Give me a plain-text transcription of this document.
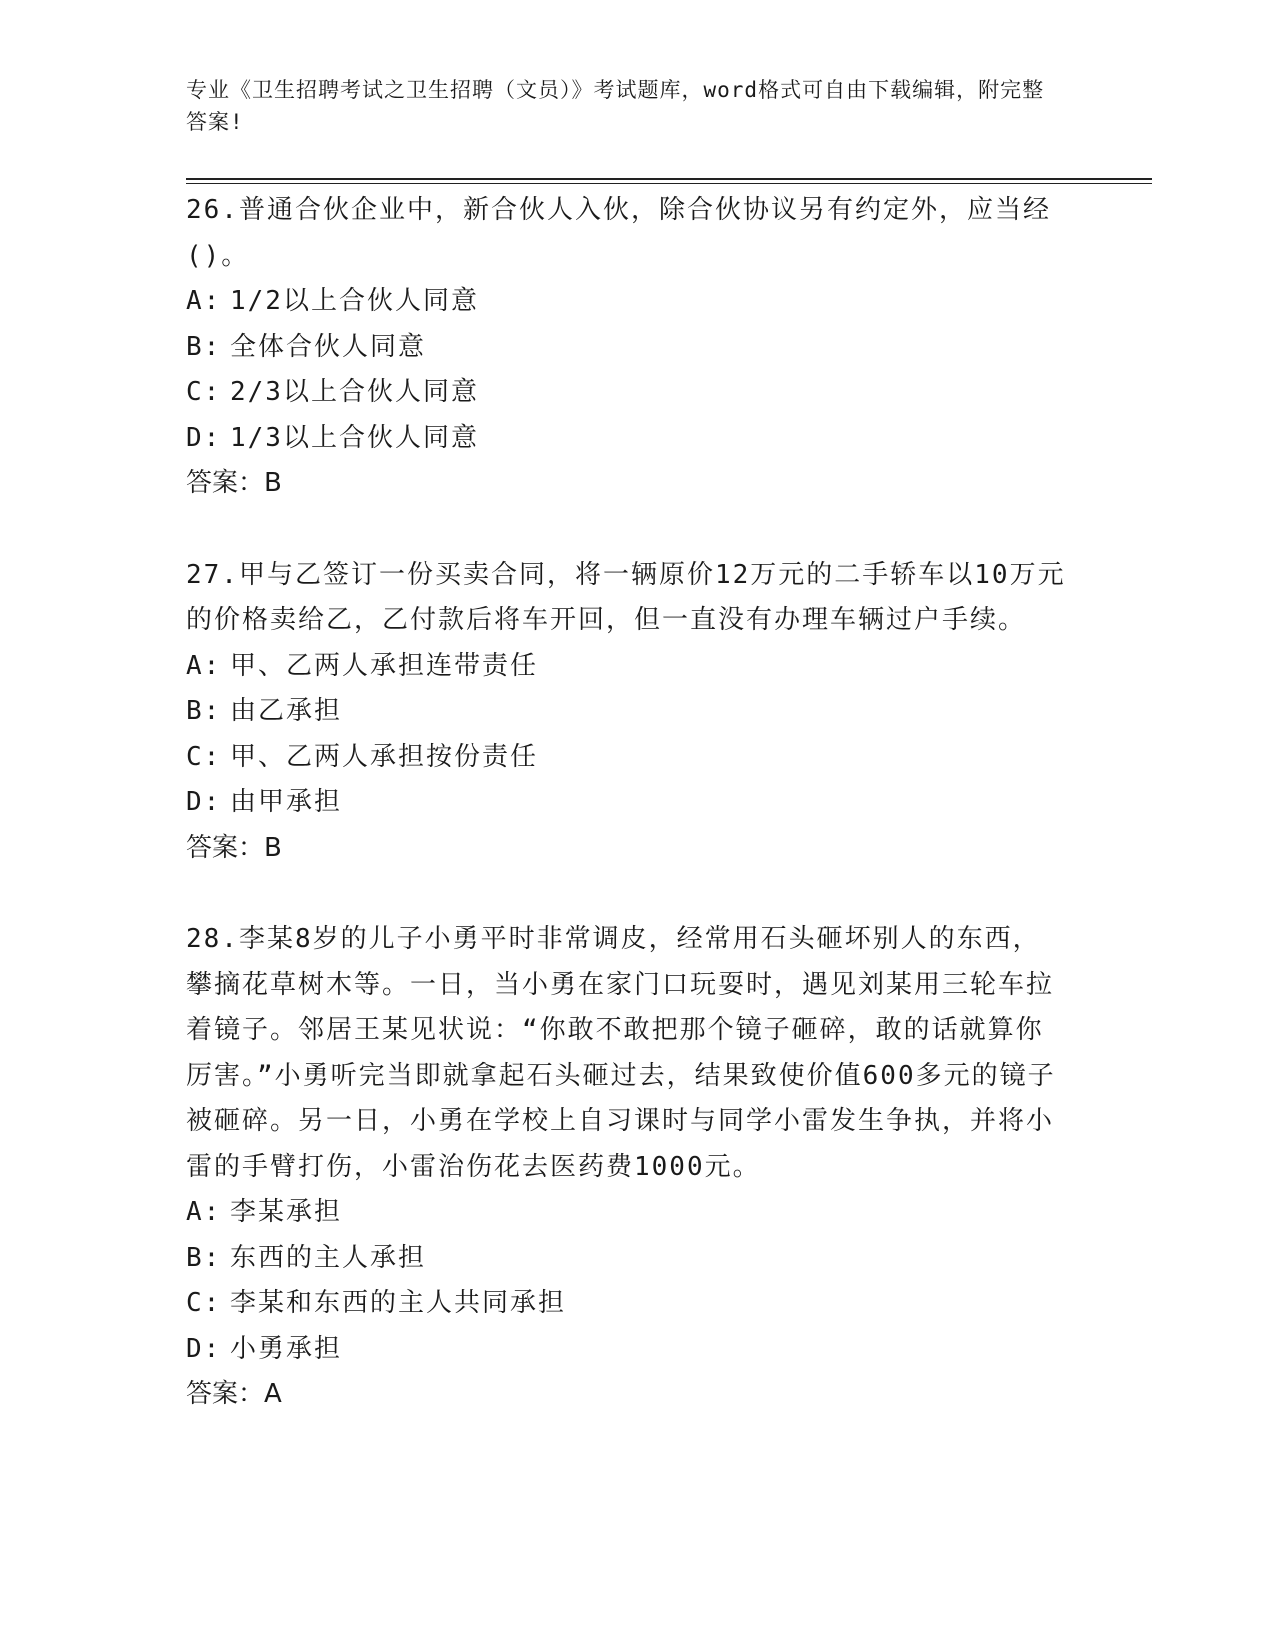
专业《卫生招聘考试之卫生招聘（文员）》考试题库，word格式可自由下载编辑，附完整答案!
26.普通合伙企业中，新合伙人入伙，除合伙协议另有约定外，应当经()。
A: 1/2以上合伙人同意
B: 全体合伙人同意
C: 2/3以上合伙人同意
D: 1/3以上合伙人同意
答案：B
27.甲与乙签订一份买卖合同，将一辆原价12万元的二手轿车以10万元的价格卖给乙，乙付款后将车开回，但一直没有办理车辆过户手续。
A: 甲、乙两人承担连带责任
B: 由乙承担
C: 甲、乙两人承担按份责任
D: 由甲承担
答案：B
28.李某8岁的儿子小勇平时非常调皮，经常用石头砸坏别人的东西，攀摘花草树木等。一日，当小勇在家门口玩耍时，遇见刘某用三轮车拉着镜子。邻居王某见状说：“你敢不敢把那个镜子砸碎，敢的话就算你厉害。”小勇听完当即就拿起石头砸过去，结果致使价值600多元的镜子被砸碎。另一日，小勇在学校上自习课时与同学小雷发生争执，并将小雷的手臂打伤，小雷治伤花去医药费1000元。
A: 李某承担
B: 东西的主人承担
C: 李某和东西的主人共同承担
D: 小勇承担
答案：A
